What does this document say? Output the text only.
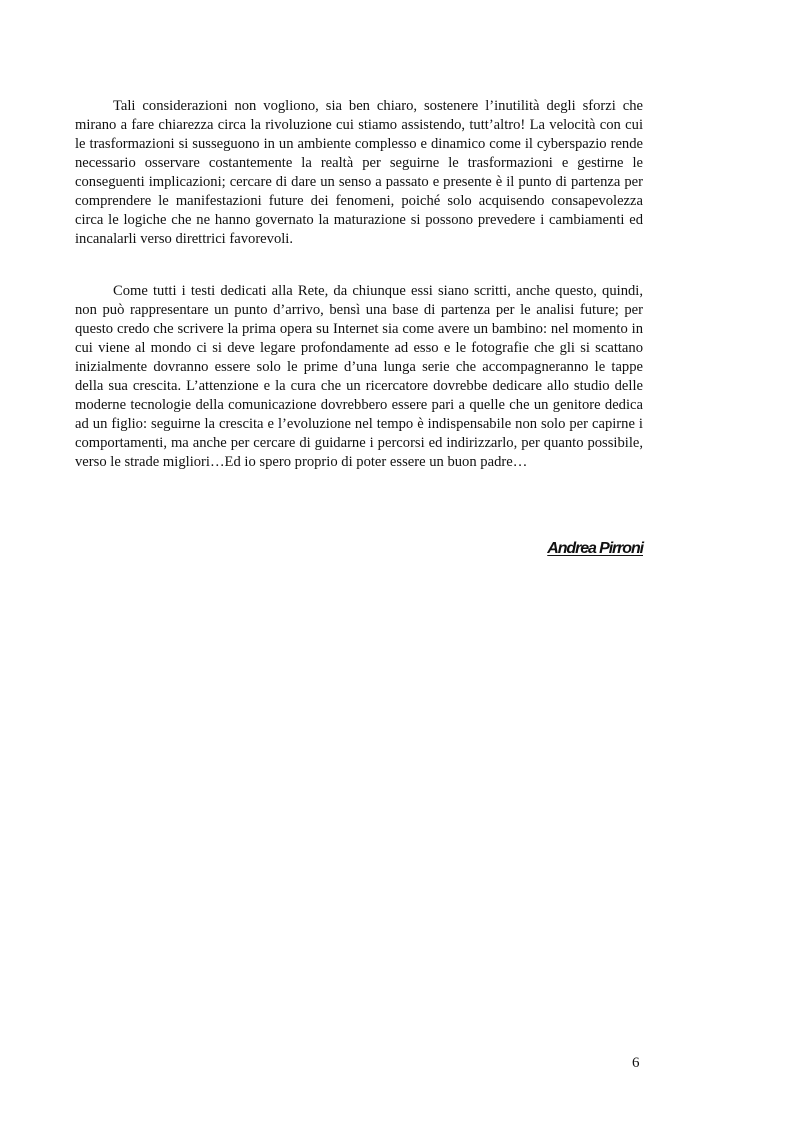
Tali considerazioni non vogliono, sia ben chiaro, sostenere l’inutilità degli sforzi che mirano a fare chiarezza circa la rivoluzione cui stiamo assistendo, tutt’altro! La velocità con cui le trasformazioni si susseguono in un ambiente complesso e dinamico come il cyberspazio rende necessario osservare costantemente la realtà per seguirne le trasformazioni e gestirne le conseguenti implicazioni; cercare di dare un senso a passato e presente è il punto di partenza per comprendere le manifestazioni future dei fenomeni, poiché solo acquisendo consapevolezza circa le logiche che ne hanno governato la maturazione si possono prevedere i cambiamenti ed incanalarli verso direttrici favorevoli.

Come tutti i testi dedicati alla Rete, da chiunque essi siano scritti, anche questo, quindi, non può rappresentare un punto d’arrivo, bensì una base di partenza per le analisi future; per questo credo che scrivere la prima opera su Internet sia come avere un bambino: nel momento in cui viene al mondo ci si deve legare profondamente ad esso e le fotografie che gli si scattano inizialmente dovranno essere solo le prime d’una lunga serie che accompagneranno le tappe della sua crescita. L’attenzione e la cura che un ricercatore dovrebbe dedicare allo studio delle moderne tecnologie della comunicazione dovrebbero essere pari a quelle che un genitore dedica ad un figlio: seguirne la crescita e l’evoluzione nel tempo è indispensabile non solo per capirne i comportamenti, ma anche per cercare di guidarne i percorsi ed indirizzarlo, per quanto possibile, verso le strade migliori…Ed io spero proprio di poter essere un buon padre…

Andrea Pirroni
6
